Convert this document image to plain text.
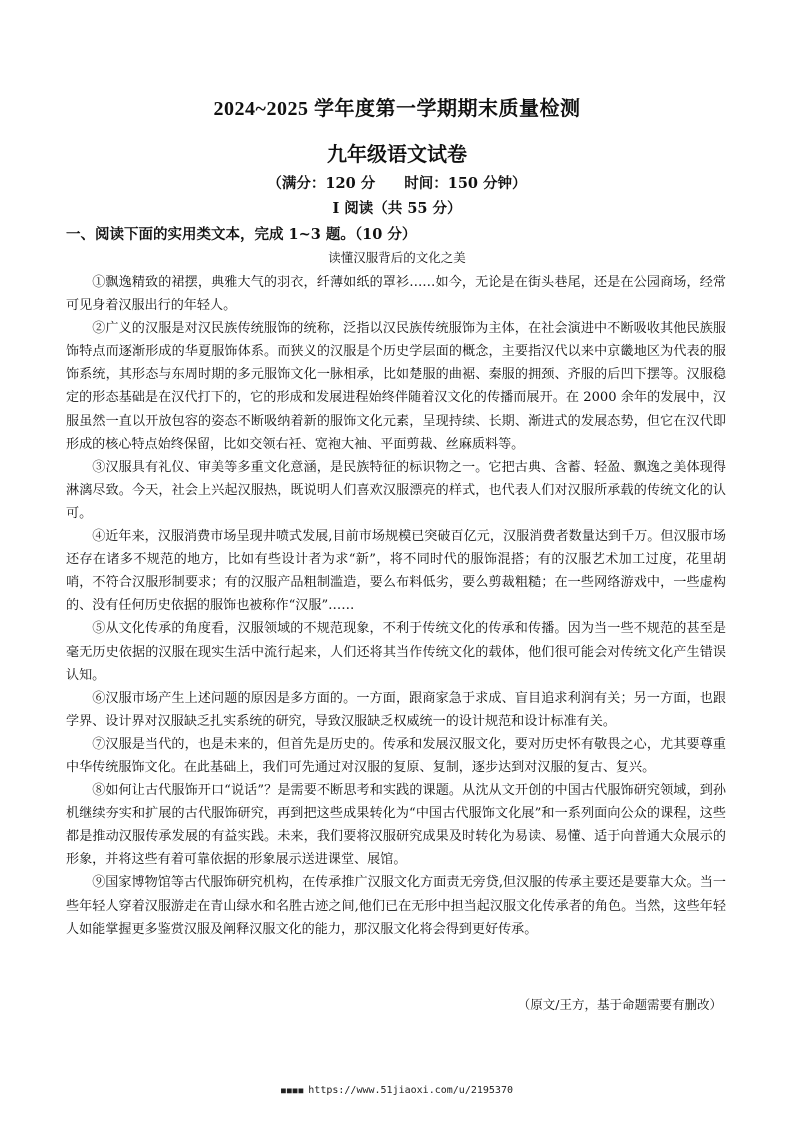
2024~2025 学年度第一学期期末质量检测
九年级语文试卷
（满分：120 分　　时间：150 分钟）
I 阅读（共 55 分）
一、阅读下面的实用类文本，完成 1~3 题。（10 分）
读懂汉服背后的文化之美

①飘逸精致的裙摆，典雅大气的羽衣，纤薄如纸的罩衫……如今，无论是在街头巷尾，还是在公园商场，经常可见身着汉服出行的年轻人。

②广义的汉服是对汉民族传统服饰的统称，泛指以汉民族传统服饰为主体，在社会演进中不断吸收其他民族服饰特点而逐渐形成的华夏服饰体系。而狭义的汉服是个历史学层面的概念，主要指汉代以来中京畿地区为代表的服饰系统，其形态与东周时期的多元服饰文化一脉相承，比如楚服的曲裾、秦服的拥颈、齐服的后凹下摆等。汉服稳定的形态基础是在汉代打下的，它的形成和发展进程始终伴随着汉文化的传播而展开。在 2000 余年的发展中，汉服虽然一直以开放包容的姿态不断吸纳着新的服饰文化元素，呈现持续、长期、渐进式的发展态势，但它在汉代即形成的核心特点始终保留，比如交领右衽、宽袍大袖、平面剪裁、丝麻质料等。

③汉服具有礼仪、审美等多重文化意涵，是民族特征的标识物之一。它把古典、含蓄、轻盈、飘逸之美体现得淋漓尽致。今天，社会上兴起汉服热，既说明人们喜欢汉服漂亮的样式，也代表人们对汉服所承载的传统文化的认可。

④近年来，汉服消费市场呈现井喷式发展,目前市场规模已突破百亿元，汉服消费者数量达到千万。但汉服市场还存在诸多不规范的地方，比如有些设计者为求“新”，将不同时代的服饰混搭；有的汉服艺术加工过度，花里胡哨，不符合汉服形制要求；有的汉服产品粗制滥造，要么布料低劣，要么剪裁粗糙；在一些网络游戏中，一些虚构的、没有任何历史依据的服饰也被称作“汉服”……

⑤从文化传承的角度看，汉服领域的不规范现象，不利于传统文化的传承和传播。因为当一些不规范的甚至是毫无历史依据的汉服在现实生活中流行起来，人们还将其当作传统文化的载体，他们很可能会对传统文化产生错误认知。

⑥汉服市场产生上述问题的原因是多方面的。一方面，跟商家急于求成、盲目追求利润有关；另一方面，也跟学界、设计界对汉服缺乏扎实系统的研究，导致汉服缺乏权威统一的设计规范和设计标准有关。

⑦汉服是当代的，也是未来的，但首先是历史的。传承和发展汉服文化，要对历史怀有敬畏之心，尤其要尊重中华传统服饰文化。在此基础上，我们可先通过对汉服的复原、复制，逐步达到对汉服的复古、复兴。

⑧如何让古代服饰开口“说话”？是需要不断思考和实践的课题。从沈从文开创的中国古代服饰研究领域，到孙机继续夯实和扩展的古代服饰研究，再到把这些成果转化为“中国古代服饰文化展”和一系列面向公众的课程，这些都是推动汉服传承发展的有益实践。未来，我们要将汉服研究成果及时转化为易读、易懂、适于向普通大众展示的形象，并将这些有着可靠依据的形象展示送进课堂、展馆。

⑨国家博物馆等古代服饰研究机构，在传承推广汉服文化方面责无旁贷,但汉服的传承主要还是要靠大众。当一些年轻人穿着汉服游走在青山绿水和名胜古迹之间,他们已在无形中担当起汉服文化传承者的角色。当然，这些年轻人如能掌握更多鉴赏汉服及阐释汉服文化的能力，那汉服文化将会得到更好传承。

（原文/王方，基于命题需要有删改）
■■■■ https://www.51jiaoxi.com/u/2195370
